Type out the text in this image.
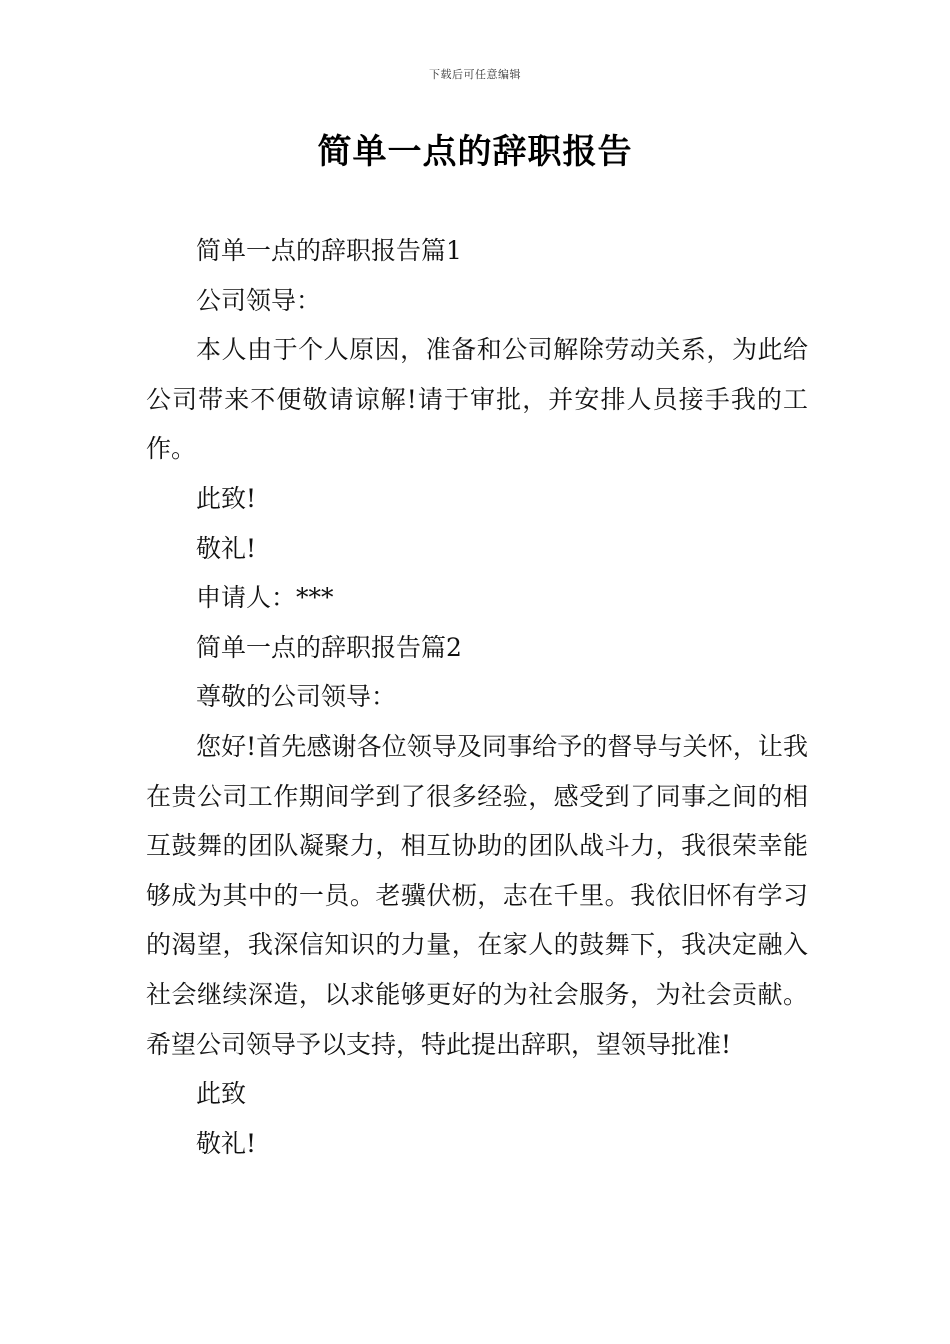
下载后可任意编辑
简单一点的辞职报告

简单一点的辞职报告篇1

公司领导：

本人由于个人原因，准备和公司解除劳动关系，为此给公司带来不便敬请谅解!请于审批，并安排人员接手我的工作。

此致!

敬礼!

申请人：***

简单一点的辞职报告篇2

尊敬的公司领导：

您好!首先感谢各位领导及同事给予的督导与关怀，让我在贵公司工作期间学到了很多经验，感受到了同事之间的相互鼓舞的团队凝聚力，相互协助的团队战斗力，我很荣幸能够成为其中的一员。老骥伏枥，志在千里。我依旧怀有学习的渴望，我深信知识的力量，在家人的鼓舞下，我决定融入社会继续深造，以求能够更好的为社会服务，为社会贡献。希望公司领导予以支持，特此提出辞职，望领导批准!

此致

敬礼!
